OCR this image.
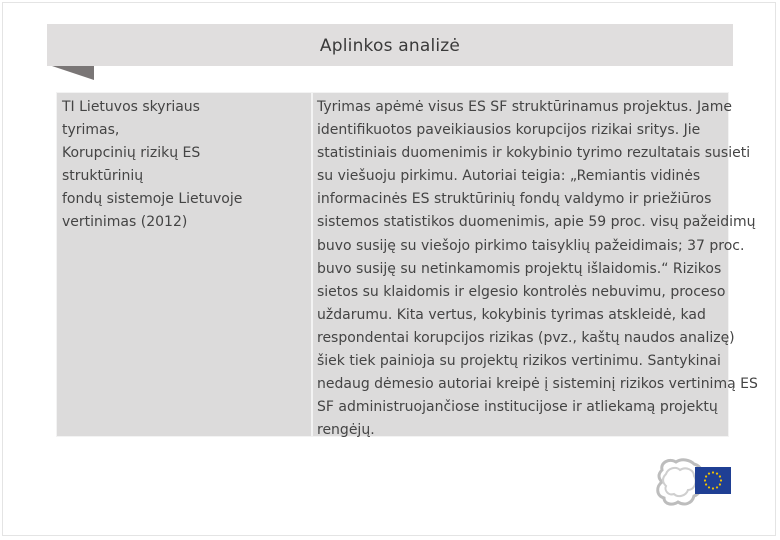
Aplinkos analizė
TI Lietuvos skyriaus
tyrimas,
Korupcinių rizikų ES
struktūrinių
fondų sistemoje Lietuvoje
vertinimas (2012)
Tyrimas apėmė visus ES SF struktūrinamus projektus. Jame
identifikuotos paveikiausios korupcijos rizikai sritys. Jie
statistiniais duomenimis ir kokybinio tyrimo rezultatais susieti
su viešuoju pirkimu. Autoriai teigia: „Remiantis vidinės
informacinės ES struktūrinių fondų valdymo ir priežiūros
sistemos statistikos duomenimis, apie 59 proc. visų pažeidimų
buvo susiję su viešojo pirkimo taisyklių pažeidimais; 37 proc.
buvo susiję su netinkamomis projektų išlaidomis.“ Rizikos
sietos su klaidomis ir elgesio kontrolės nebuvimu, proceso
uždarumu. Kita vertus, kokybinis tyrimas atskleidė, kad
respondentai korupcijos rizikas (pvz., kaštų naudos analizę)
šiek tiek painioja su projektų rizikos vertinimu. Santykinai
nedaug dėmesio autoriai kreipė į sisteminį rizikos vertinimą ES
SF administruojančiose institucijose ir atliekamą projektų
rengėjų.
